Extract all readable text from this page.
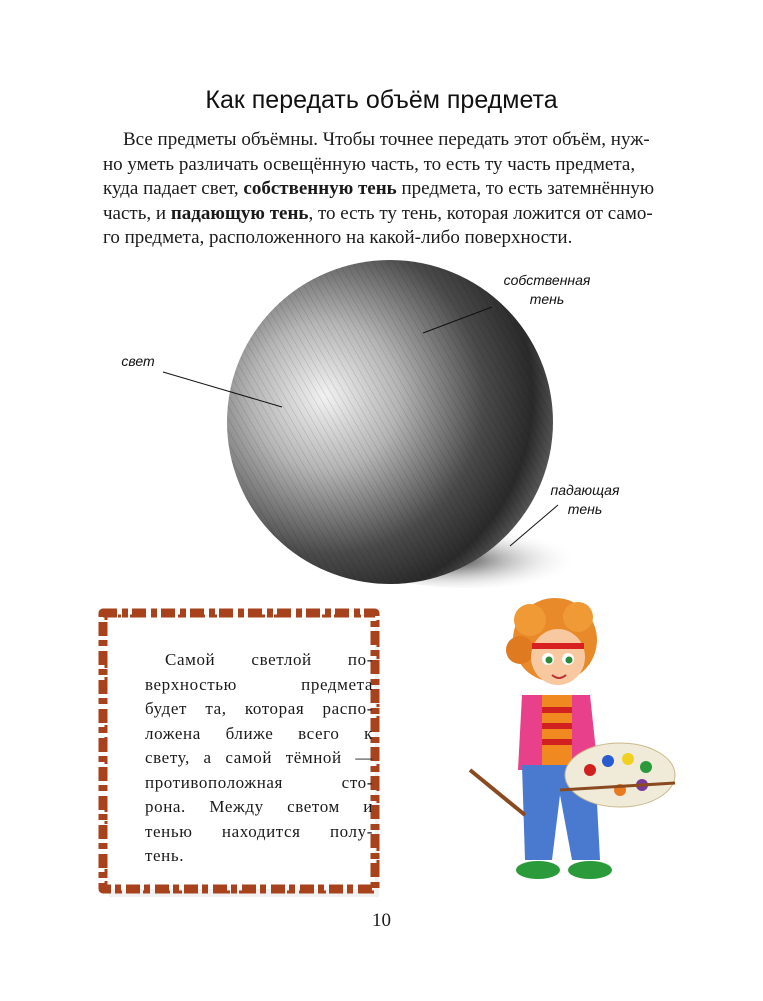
Как передать объём предмета
Все предметы объёмны. Чтобы точнее передать этот объём, нуж-
но уметь различать освещённую часть, то есть ту часть предмета,
куда падает свет, собственную тень предмета, то есть затемнённую
часть, и падающую тень, то есть ту тень, которая ложится от само-
го предмета, расположенного на какой-либо поверхности.
свет
собственная
тень
падающая
тень
Самой светлой по-
верхностью предмета
будет та, которая распо-
ложена ближе всего к
свету, а самой тёмной —
противоположная сто-
рона. Между светом и
тенью находится полу-
тень.
10
